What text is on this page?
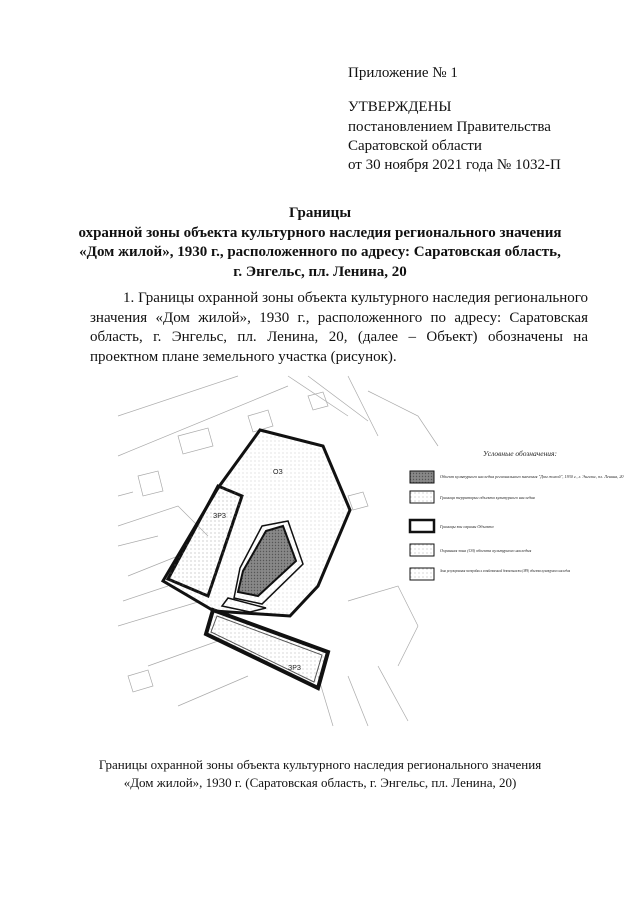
Приложение № 1
УТВЕРЖДЕНЫ
постановлением Правительства
Саратовской области
от 30 ноября 2021 года № 1032-П
Границы
охранной зоны объекта культурного наследия регионального значения
«Дом жилой», 1930 г., расположенного по адресу: Саратовская область,
г. Энгельс, пл. Ленина, 20
1. Границы охранной зоны объекта культурного наследия регионального значения «Дом жилой», 1930 г., расположенного по адресу: Саратовская область, г. Энгельс, пл. Ленина, 20, (далее – Объект) обозначены на проектном плане земельного участка (рисунок).
ОЗ
ЗРЗ
ЗРЗ
Условные обозначения:
Объект культурного наследия регионального значения "Дом жилой", 1930 г., г. Энгельс, пл. Ленина, 20
Граница территории объекта культурного наследия
Границы зон охраны Объекта
Охранная зона (ОЗ) объекта культурного наследия
Зона регулирования застройки и хозяйственной деятельности (ЗРЗ) объекта культурного наследия
Границы охранной зоны объекта культурного наследия регионального значения
«Дом жилой», 1930 г. (Саратовская область, г. Энгельс, пл. Ленина, 20)
